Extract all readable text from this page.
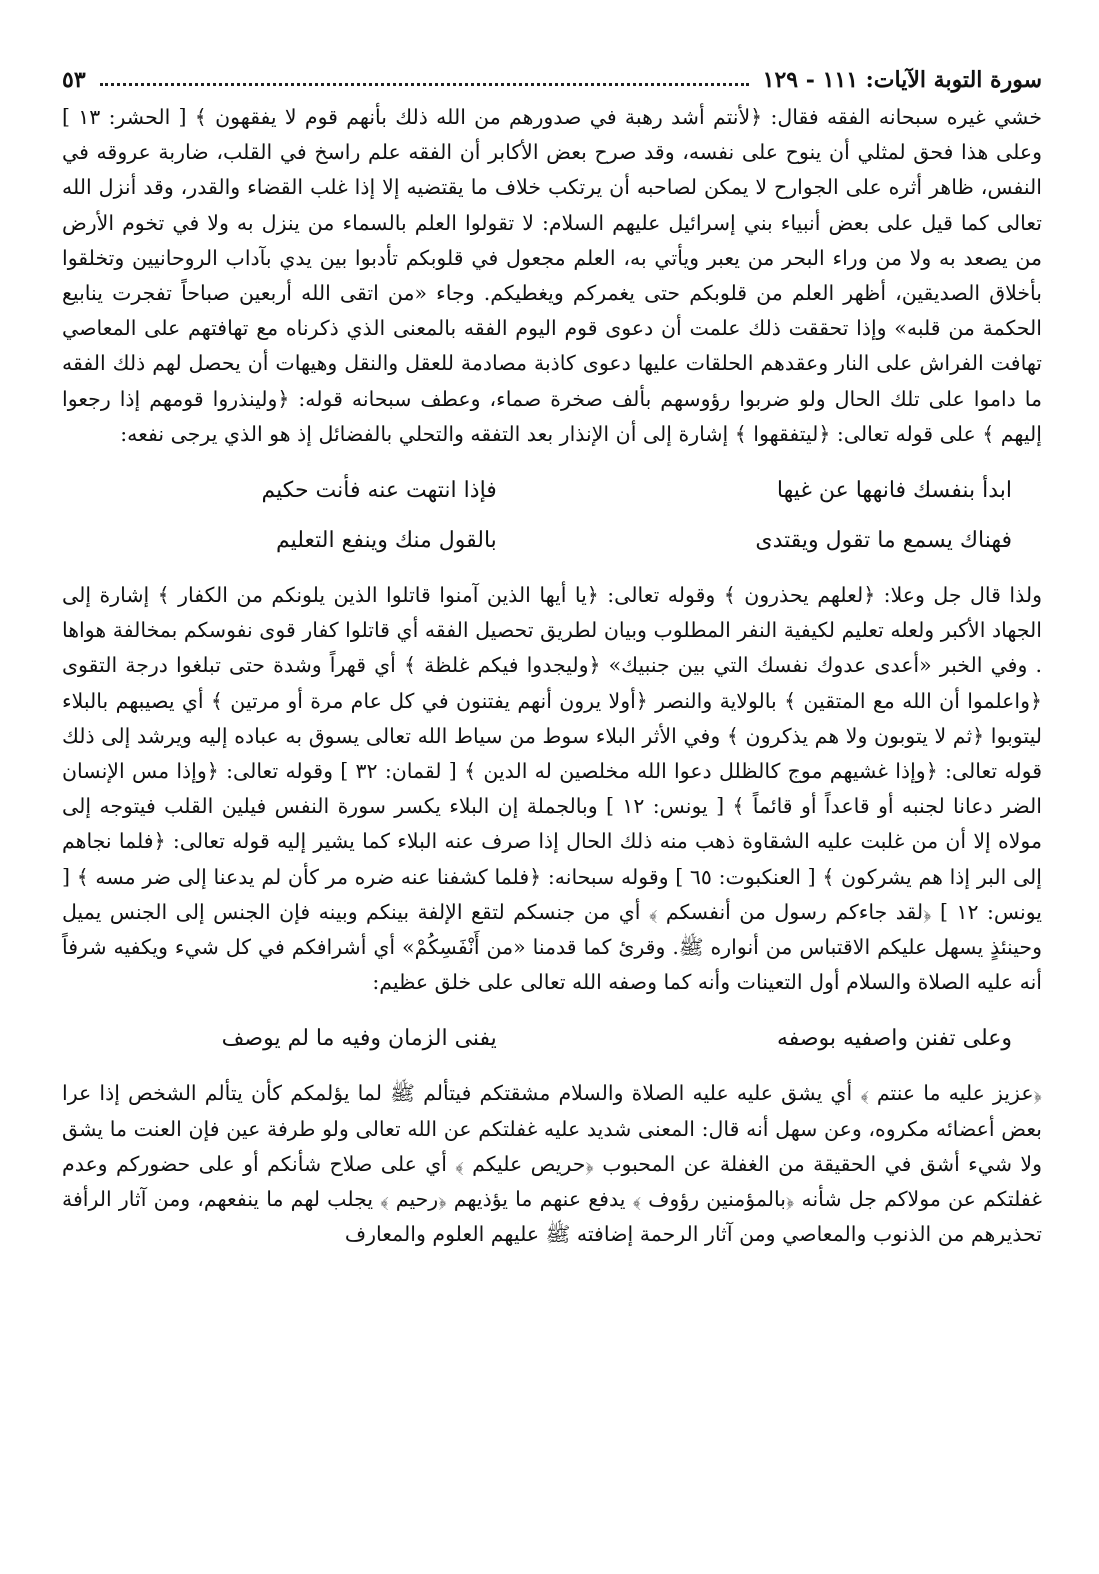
سورة التوبة الآيات: ١١١ - ١٢٩
٥٣

خشي غيره سبحانه الفقه فقال: ﴿لأنتم أشد رهبة في صدورهم من الله ذلك بأنهم قوم لا يفقهون ﴾ [ الحشر: ١٣ ] وعلى هذا فحق لمثلي أن ينوح على نفسه، وقد صرح بعض الأكابر أن الفقه علم راسخ في القلب، ضاربة عروقه في النفس، ظاهر أثره على الجوارح لا يمكن لصاحبه أن يرتكب خلاف ما يقتضيه إلا إذا غلب القضاء والقدر، وقد أنزل الله تعالى كما قيل على بعض أنبياء بني إسرائيل عليهم السلام: لا تقولوا العلم بالسماء من ينزل به ولا في تخوم الأرض من يصعد به ولا من وراء البحر من يعبر ويأتي به، العلم مجعول في قلوبكم تأدبوا بين يدي بآداب الروحانيين وتخلقوا بأخلاق الصديقين، أظهر العلم من قلوبكم حتى يغمركم ويغطيكم. وجاء «من اتقى الله أربعين صباحاً تفجرت ينابيع الحكمة من قلبه» وإذا تحققت ذلك علمت أن دعوى قوم اليوم الفقه بالمعنى الذي ذكرناه مع تهافتهم على المعاصي تهافت الفراش على النار وعقدهم الحلقات عليها دعوى كاذبة مصادمة للعقل والنقل وهيهات أن يحصل لهم ذلك الفقه ما داموا على تلك الحال ولو ضربوا رؤوسهم بألف صخرة صماء، وعطف سبحانه قوله: ﴿ولينذروا قومهم إذا رجعوا إليهم ﴾ على قوله تعالى: ﴿ليتفقهوا ﴾ إشارة إلى أن الإنذار بعد التفقه والتحلي بالفضائل إذ هو الذي يرجى نفعه:

ابدأ بنفسك فانهها عن غيها
فإذا انتهت عنه فأنت حكيم
فهناك يسمع ما تقول ويقتدى
بالقول منك وينفع التعليم

ولذا قال جل وعلا: ﴿لعلهم يحذرون ﴾ وقوله تعالى: ﴿يا أيها الذين آمنوا قاتلوا الذين يلونكم من الكفار ﴾ إشارة إلى الجهاد الأكبر ولعله تعليم لكيفية النفر المطلوب وبيان لطريق تحصيل الفقه أي قاتلوا كفار قوى نفوسكم بمخالفة هواها . وفي الخبر «أعدى عدوك نفسك التي بين جنبيك» ﴿وليجدوا فيكم غلظة ﴾ أي قهراً وشدة حتى تبلغوا درجة التقوى ﴿واعلموا أن الله مع المتقين ﴾ بالولاية والنصر ﴿أولا يرون أنهم يفتنون في كل عام مرة أو مرتين ﴾ أي يصيبهم بالبلاء ليتوبوا ﴿ثم لا يتوبون ولا هم يذكرون ﴾ وفي الأثر البلاء سوط من سياط الله تعالى يسوق به عباده إليه ويرشد إلى ذلك قوله تعالى: ﴿وإذا غشيهم موج كالظلل دعوا الله مخلصين له الدين ﴾ [ لقمان: ٣٢ ] وقوله تعالى: ﴿وإذا مس الإنسان الضر دعانا لجنبه أو قاعداً أو قائماً ﴾ [ يونس: ١٢ ] وبالجملة إن البلاء يكسر سورة النفس فيلين القلب فيتوجه إلى مولاه إلا أن من غلبت عليه الشقاوة ذهب منه ذلك الحال إذا صرف عنه البلاء كما يشير إليه قوله تعالى: ﴿فلما نجاهم إلى البر إذا هم يشركون ﴾ [ العنكبوت: ٦٥ ] وقوله سبحانه: ﴿فلما كشفنا عنه ضره مر كأن لم يدعنا إلى ضر مسه ﴾ [ يونس: ١٢ ] ﴿لقد جاءكم رسول من أنفسكم ﴾ أي من جنسكم لتقع الإلفة بينكم وبينه فإن الجنس إلى الجنس يميل وحينئذٍ يسهل عليكم الاقتباس من أنواره ﷺ. وقرئ كما قدمنا «من أَنْفَسِكُمْ» أي أشرافكم في كل شيء ويكفيه شرفاً أنه عليه الصلاة والسلام أول التعينات وأنه كما وصفه الله تعالى على خلق عظيم:

وعلى تفنن واصفيه بوصفه
يفنى الزمان وفيه ما لم يوصف

﴿عزيز عليه ما عنتم ﴾ أي يشق عليه عليه الصلاة والسلام مشقتكم فيتألم ﷺ لما يؤلمكم كأن يتألم الشخص إذا عرا بعض أعضائه مكروه، وعن سهل أنه قال: المعنى شديد عليه غفلتكم عن الله تعالى ولو طرفة عين فإن العنت ما يشق ولا شيء أشق في الحقيقة من الغفلة عن المحبوب ﴿حريص عليكم ﴾ أي على صلاح شأنكم أو على حضوركم وعدم غفلتكم عن مولاكم جل شأنه ﴿بالمؤمنين رؤوف ﴾ يدفع عنهم ما يؤذيهم ﴿رحيم ﴾ يجلب لهم ما ينفعهم، ومن آثار الرأفة تحذيرهم من الذنوب والمعاصي ومن آثار الرحمة إضافته ﷺ عليهم العلوم والمعارف
